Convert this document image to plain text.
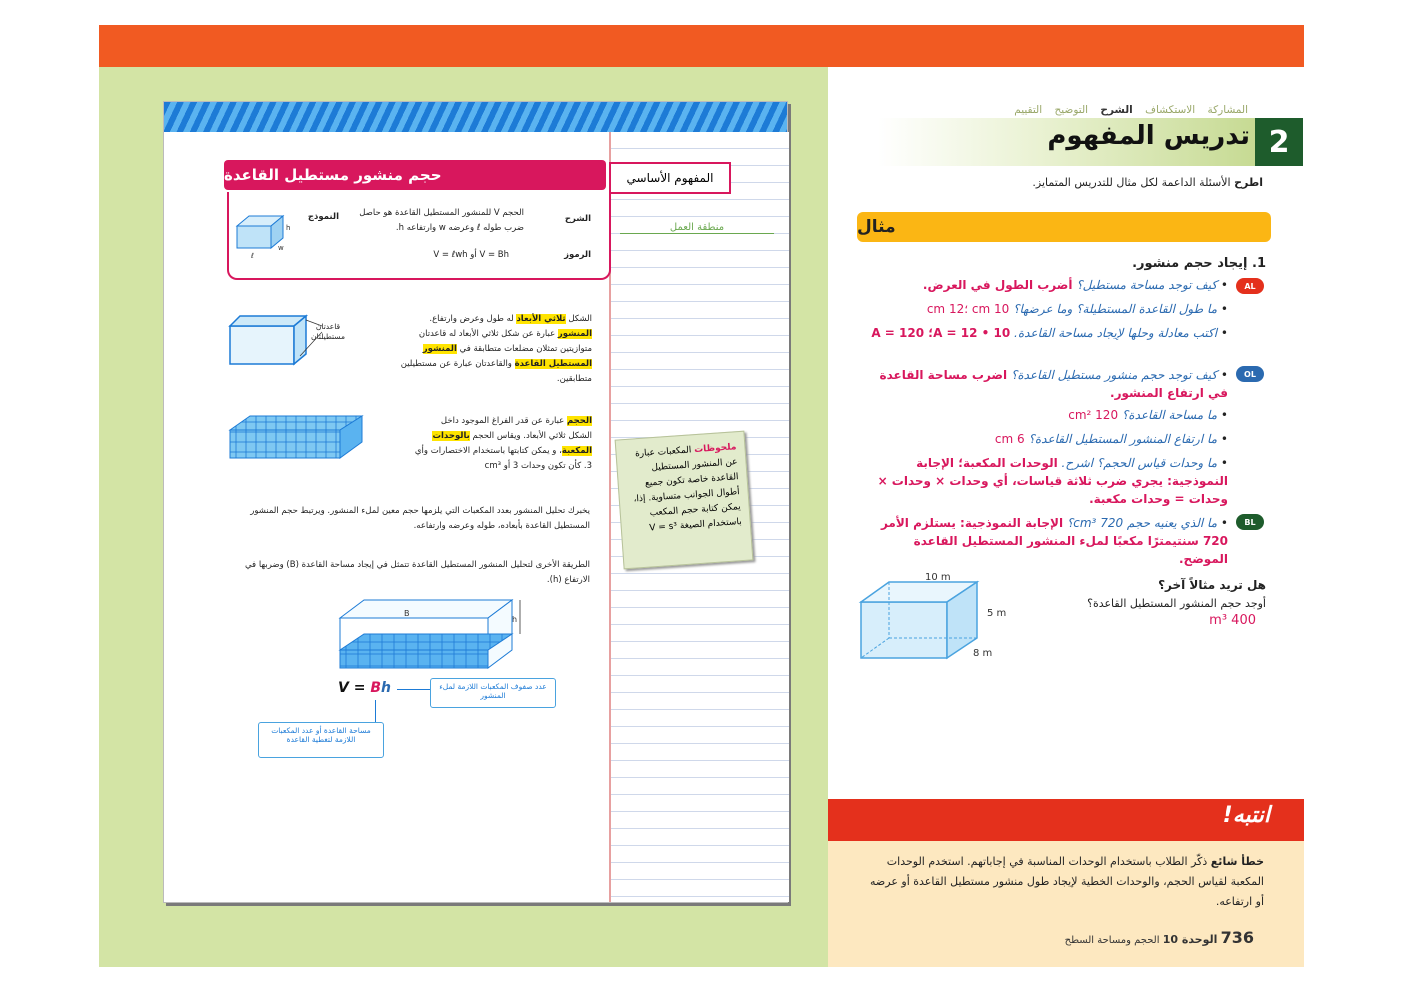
المفهوم الأساسي
حجم منشور مستطيل القاعدة
منطقة العمل
الشرح
الحجم V للمنشور المستطيل القاعدة هو حاصل ضرب طوله ℓ وعرضه w وارتفاعه h.
النموذج
الرموز
V = Bh أو V = ℓwh
h
w
ℓ
الشكل ثلاثي الأبعاد له طول وعرض وارتفاع.
المنشور عبارة عن شكل ثلاثي الأبعاد له قاعدتان
متوازيتين تمثلان مضلعات متطابقة في المنشور
المستطيل القاعدة والقاعدتان عبارة عن مستطيلين
متطابقين.
قاعدتان مستطيلتان
الحجم عبارة عن قدر الفراغ الموجود داخل
الشكل ثلاثي الأبعاد. ويقاس الحجم بالوحدات
المكعبة، و يمكن كتابتها باستخدام الاختصارات وأي
3. كأن تكون وحدات 3 أو cm³
ملحوظات المكعبات عبارة عن المنشور المستطيل القاعدة خاصة تكون جميع أطوال الجوانب متساوية. إذا، يمكن كتابة حجم المكعب باستخدام الصيغة V = s³
يخبرك تحليل المنشور بعدد المكعبات التي يلزمها حجم معين لملء المنشور. ويرتبط حجم المنشور المستطيل القاعدة بأبعاده، طوله وعرضه وارتفاعه.
الطريقة الأخرى لتحليل المنشور المستطيل القاعدة تتمثل في إيجاد مساحة القاعدة (B) وضربها في الارتفاع (h).
B
h
V = Bh	عدد صفوف المكعبات اللازمة لملء المنشور
مساحة القاعدة أو عدد المكعبات اللازمة لتغطية القاعدة
المشاركة الاستكشاف الشرح التوضيح التقييم
2
تدريس المفهوم
اطرح الأسئلة الداعمة لكل مثال للتدريس المتمايز.
مثال
1. إيجاد حجم منشور.
AL
• كيف توجد مساحة مستطيل؟ أضرب الطول في العرض.
• ما طول القاعدة المستطيلة؟ وما عرضها؟ 10 cm ؛12 cm
• اكتب معادلة وحلها لإيجاد مساحة القاعدة. A = 12 • 10؛ A = 120
OL
• كيف توجد حجم منشور مستطيل القاعدة؟ اضرب مساحة القاعدة في ارتفاع المنشور.
• ما مساحة القاعدة؟ 120 cm²
• ما ارتفاع المنشور المستطيل القاعدة؟ 6 cm
• ما وحدات قياس الحجم؟ اشرح. الوحدات المكعبة؛ الإجابة النموذجية: يجري ضرب ثلاثة قياسات، أي وحدات × وحدات × وحدات = وحدات مكعبة.
BL
• ما الذي يعنيه حجم 720 cm³؟ الإجابة النموذجية: يستلزم الأمر 720 سنتيمترًا مكعبًا لملء المنشور المستطيل القاعدة الموضح.
هل تريد مثالاً آخر؟
أوجد حجم المنشور المستطيل القاعدة؟
400 m³
10 m
5 m
8 m
انتبه!
خطأ شائع ذكّر الطلاب باستخدام الوحدات المناسبة في إجاباتهم. استخدم الوحدات المكعبة لقياس الحجم، والوحدات الخطية لإيجاد طول منشور مستطيل القاعدة أو عرضه أو ارتفاعه.
736 الوحدة 10 الحجم ومساحة السطح
